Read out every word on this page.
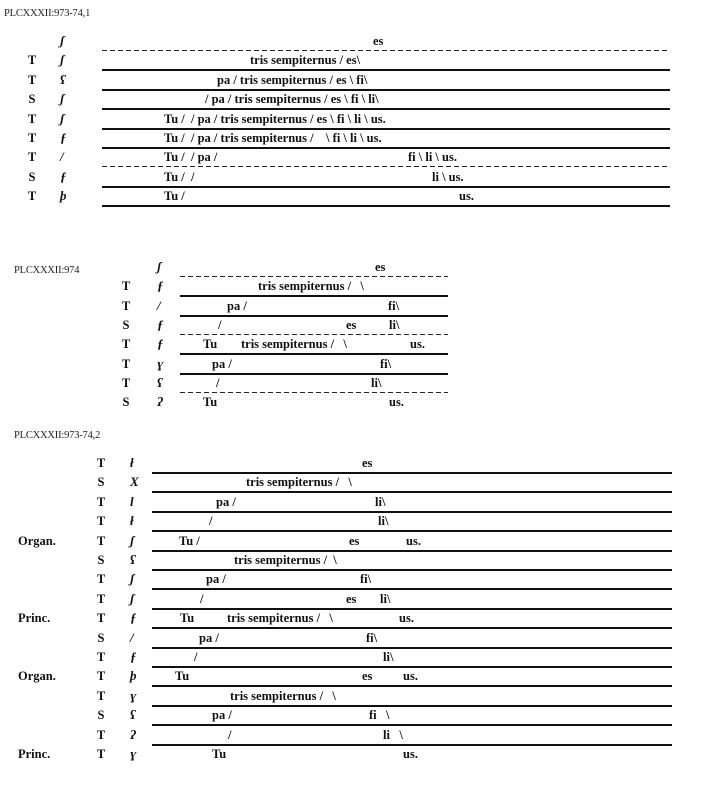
PLCXXXII:973-74,1
ʃ	es
T ʃ	tris sempiternus / es\
T ʕ	pa / tris sempiternus / es \ fi\
S ʃ	/ pa / tris sempiternus / es \ fi \ li\
T ʃ	Tu /  / pa / tris sempiternus / es \ fi \ li \ us.
T ƒ	Tu /  / pa / tris sempiternus /    \ fi \ li \ us.
T /	Tu /  / pa /	fi \ li \ us.
S ƒ	Tu /  /	li \ us.
T þ	Tu /	us.
PLCXXXII:974	ʃ	es
T ƒ	tris sempiternus /   \
T /	pa /	fi\
S ƒ	/	es	li\
T ƒ	Tu tris sempiternus /   \	us.
T ɣ	pa /	fi\
T ʕ	/	li\
S ʔ	Tu	us.
PLCXXXII:973-74,2
T ł	es
S X	tris sempiternus /   \
T Ɩ	pa /	li\
T ł	/	li\
Organ.	T ʃ	Tu /	es	us.
S ʕ	tris sempiternus /  \
T ʃ	pa /	fi\
T ʃ	/	es li\
Princ.	T ƒ	Tu	tris sempiternus /   \	us.
S /	pa /	fi\
T ƒ	/	li\
Organ.	T þ	Tu	es us.
T ɣ	tris sempiternus /   \
S ʕ	pa /	fi   \
T ʔ	/	li   \
Princ.	T ɣ	Tu	us.
